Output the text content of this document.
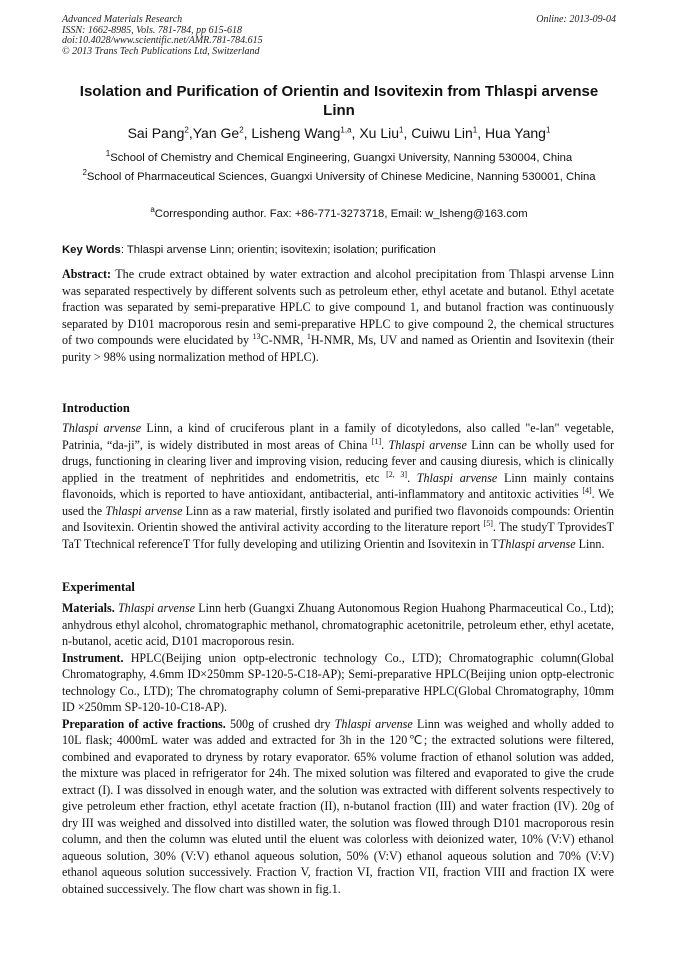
Advanced Materials Research
ISSN: 1662-8985, Vols. 781-784, pp 615-618
doi:10.4028/www.scientific.net/AMR.781-784.615
© 2013 Trans Tech Publications Ltd, Switzerland
Online: 2013-09-04
Isolation and Purification of Orientin and Isovitexin from Thlaspi arvense Linn
Sai Pang$^2$,Yan Ge$^2$, Lisheng Wang$^{1,a}$, Xu Liu$^1$, Cuiwu Lin$^1$, Hua Yang$^1$
$^1$School of Chemistry and Chemical Engineering, Guangxi University, Nanning 530004, China
$^2$School of Pharmaceutical Sciences, Guangxi University of Chinese Medicine, Nanning 530001, China
$^a$Corresponding author. Fax: +86-771-3273718, Email: w_lsheng@163.com
Key Words: Thlaspi arvense Linn; orientin; isovitexin; isolation; purification
Abstract: The crude extract obtained by water extraction and alcohol precipitation from Thlaspi arvense Linn was separated respectively by different solvents such as petroleum ether, ethyl acetate and butanol. Ethyl acetate fraction was separated by semi-preparative HPLC to give compound 1, and butanol fraction was continuously separated by D101 macroporous resin and semi-preparative HPLC to give compound 2, the chemical structures of two compounds were elucidated by $^{13}$C-NMR, $^1$H-NMR, Ms, UV and named as Orientin and Isovitexin (their purity > 98% using normalization method of HPLC).
Introduction
Thlaspi arvense Linn, a kind of cruciferous plant in a family of dicotyledons, also called "e-lan" vegetable, Patrinia, “da-ji”, is widely distributed in most areas of China [1]. Thlaspi arvense Linn can be wholly used for drugs, functioning in clearing liver and improving vision, reducing fever and causing diuresis, which is clinically applied in the treatment of nephritides and endometritis, etc [2, 3]. Thlaspi arvense Linn mainly contains flavonoids, which is reported to have antioxidant, antibacterial, anti-inflammatory and antitoxic activities [4]. We used the Thlaspi arvense Linn as a raw material, firstly isolated and purified two flavonoids compounds: Orientin and Isovitexin. Orientin showed the antiviral activity according to the literature report [5]. The studyT TprovidesT TaT Ttechnical referenceT Tfor fully developing and utilizing Orientin and Isovitexin in TThlaspi arvense Linn.
Experimental
Materials. Thlaspi arvense Linn herb (Guangxi Zhuang Autonomous Region Huahong Pharmaceutical Co., Ltd); anhydrous ethyl alcohol, chromatographic methanol, chromatographic acetonitrile, petroleum ether, ethyl acetate, n-butanol, acetic acid, D101 macroporous resin.
Instrument. HPLC(Beijing union optp-electronic technology Co., LTD); Chromatographic column(Global Chromatography, 4.6mm ID×250mm SP-120-5-C18-AP); Semi-preparative HPLC(Beijing union optp-electronic technology Co., LTD); The chromatography column of Semi-preparative HPLC(Global Chromatography, 10mm ID ×250mm SP-120-10-C18-AP).
Preparation of active fractions. 500g of crushed dry Thlaspi arvense Linn was weighed and wholly added to 10L flask; 4000mL water was added and extracted for 3h in the 120℃; the extracted solutions were filtered, combined and evaporated to dryness by rotary evaporator. 65% volume fraction of ethanol solution was added, the mixture was placed in refrigerator for 24h. The mixed solution was filtered and evaporated to give the crude extract (I). I was dissolved in enough water, and the solution was extracted with different solvents respectively to give petroleum ether fraction, ethyl acetate fraction (II), n-butanol fraction (III) and water fraction (IV). 20g of dry III was weighed and dissolved into distilled water, the solution was flowed through D101 macroporous resin column, and then the column was eluted until the eluent was colorless with deionized water, 10% (V:V) ethanol aqueous solution, 30% (V:V) ethanol aqueous solution, 50% (V:V) ethanol aqueous solution and 70% (V:V) ethanol aqueous solution successively. Fraction V, fraction VI, fraction VII, fraction VIII and fraction IX were obtained successively. The flow chart was shown in fig.1.
